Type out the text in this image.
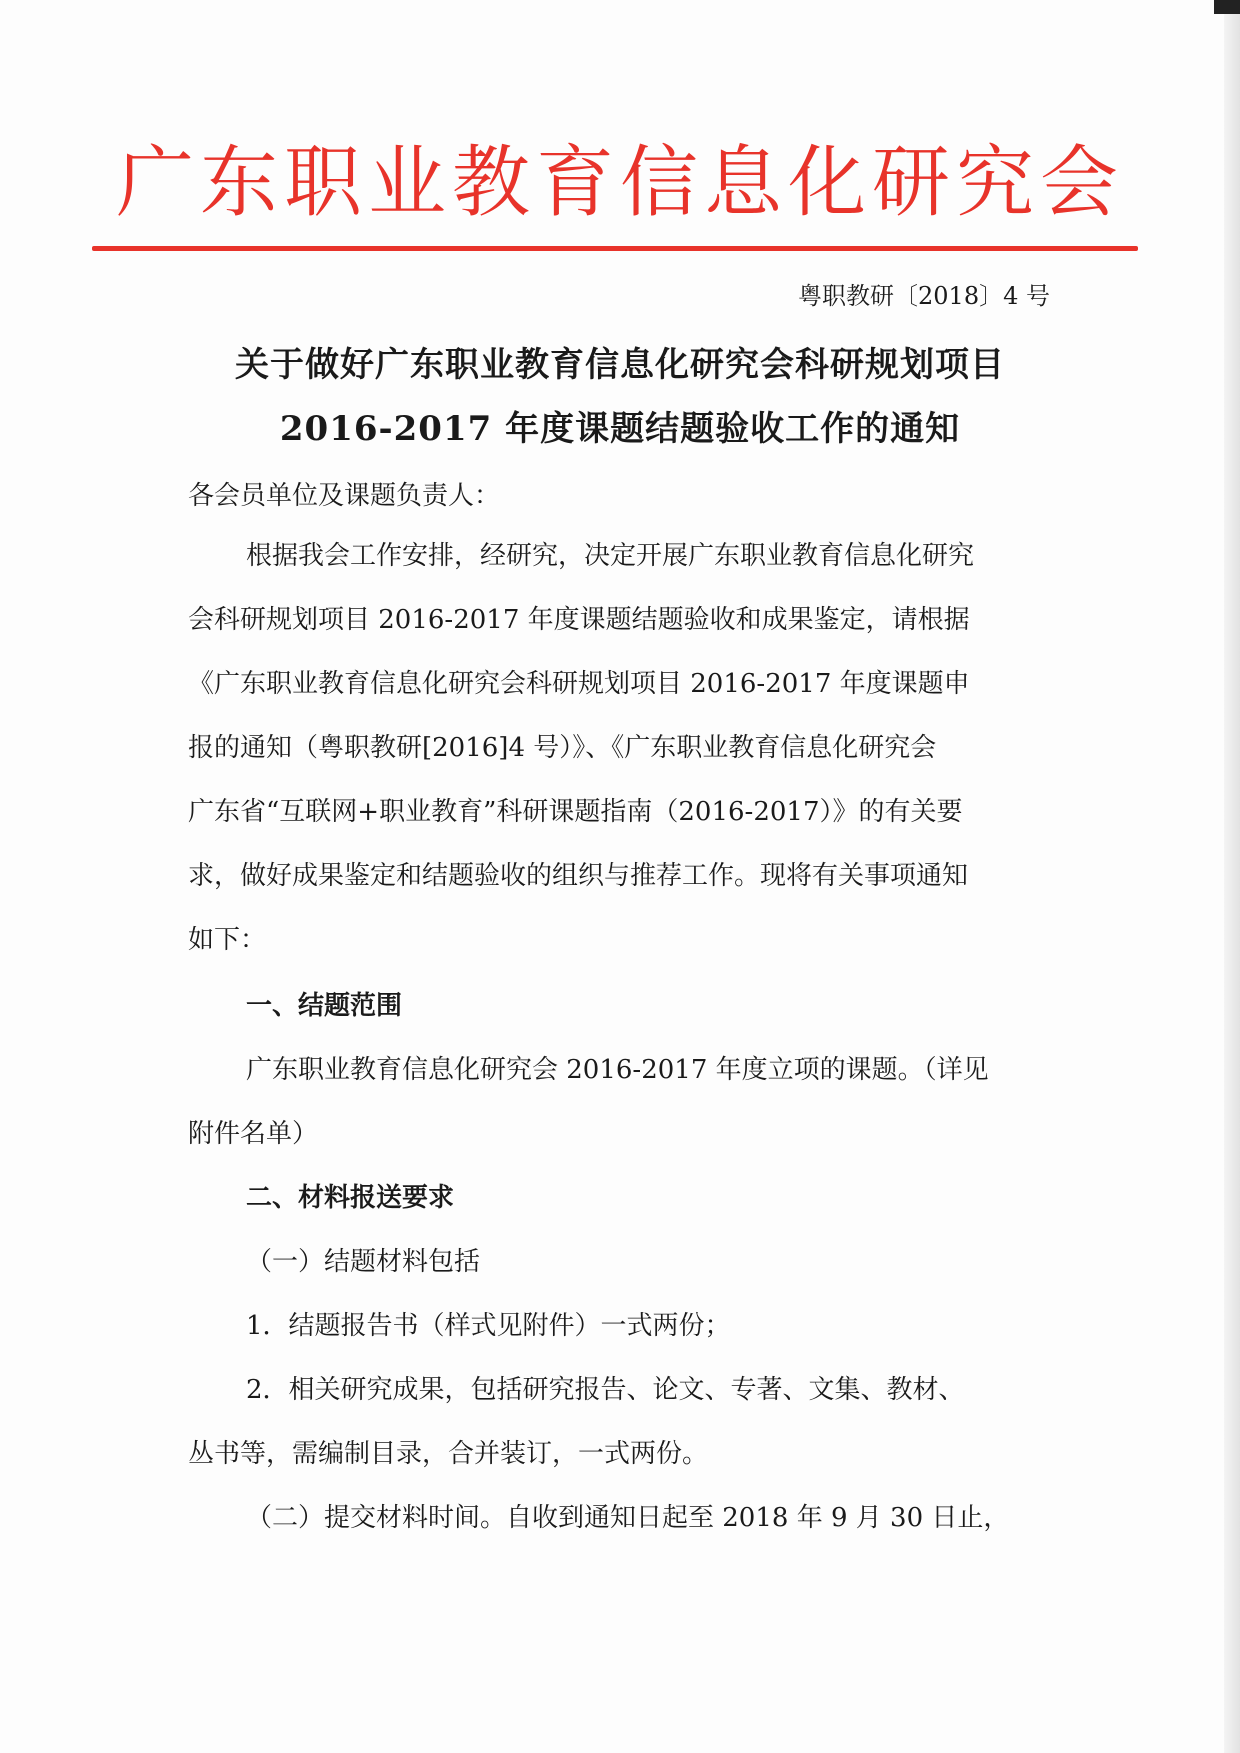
广东职业教育信息化研究会
粤职教研〔2018〕4 号
关于做好广东职业教育信息化研究会科研规划项目
2016-2017 年度课题结题验收工作的通知
各会员单位及课题负责人：
根据我会工作安排，经研究，决定开展广东职业教育信息化研究
会科研规划项目 2016-2017 年度课题结题验收和成果鉴定，请根据
《广东职业教育信息化研究会科研规划项目 2016-2017 年度课题申
报的通知（粤职教研[2016]4 号）》、《广东职业教育信息化研究会
广东省“互联网+职业教育”科研课题指南（2016-2017）》的有关要
求，做好成果鉴定和结题验收的组织与推荐工作。现将有关事项通知
如下：
一、结题范围
广东职业教育信息化研究会 2016-2017 年度立项的课题。（详见
附件名单）
二、材料报送要求
（一）结题材料包括
1．结题报告书（样式见附件）一式两份；
2．相关研究成果，包括研究报告、论文、专著、文集、教材、
丛书等，需编制目录，合并装订，一式两份。
（二）提交材料时间。自收到通知日起至 2018 年 9 月 30 日止，
